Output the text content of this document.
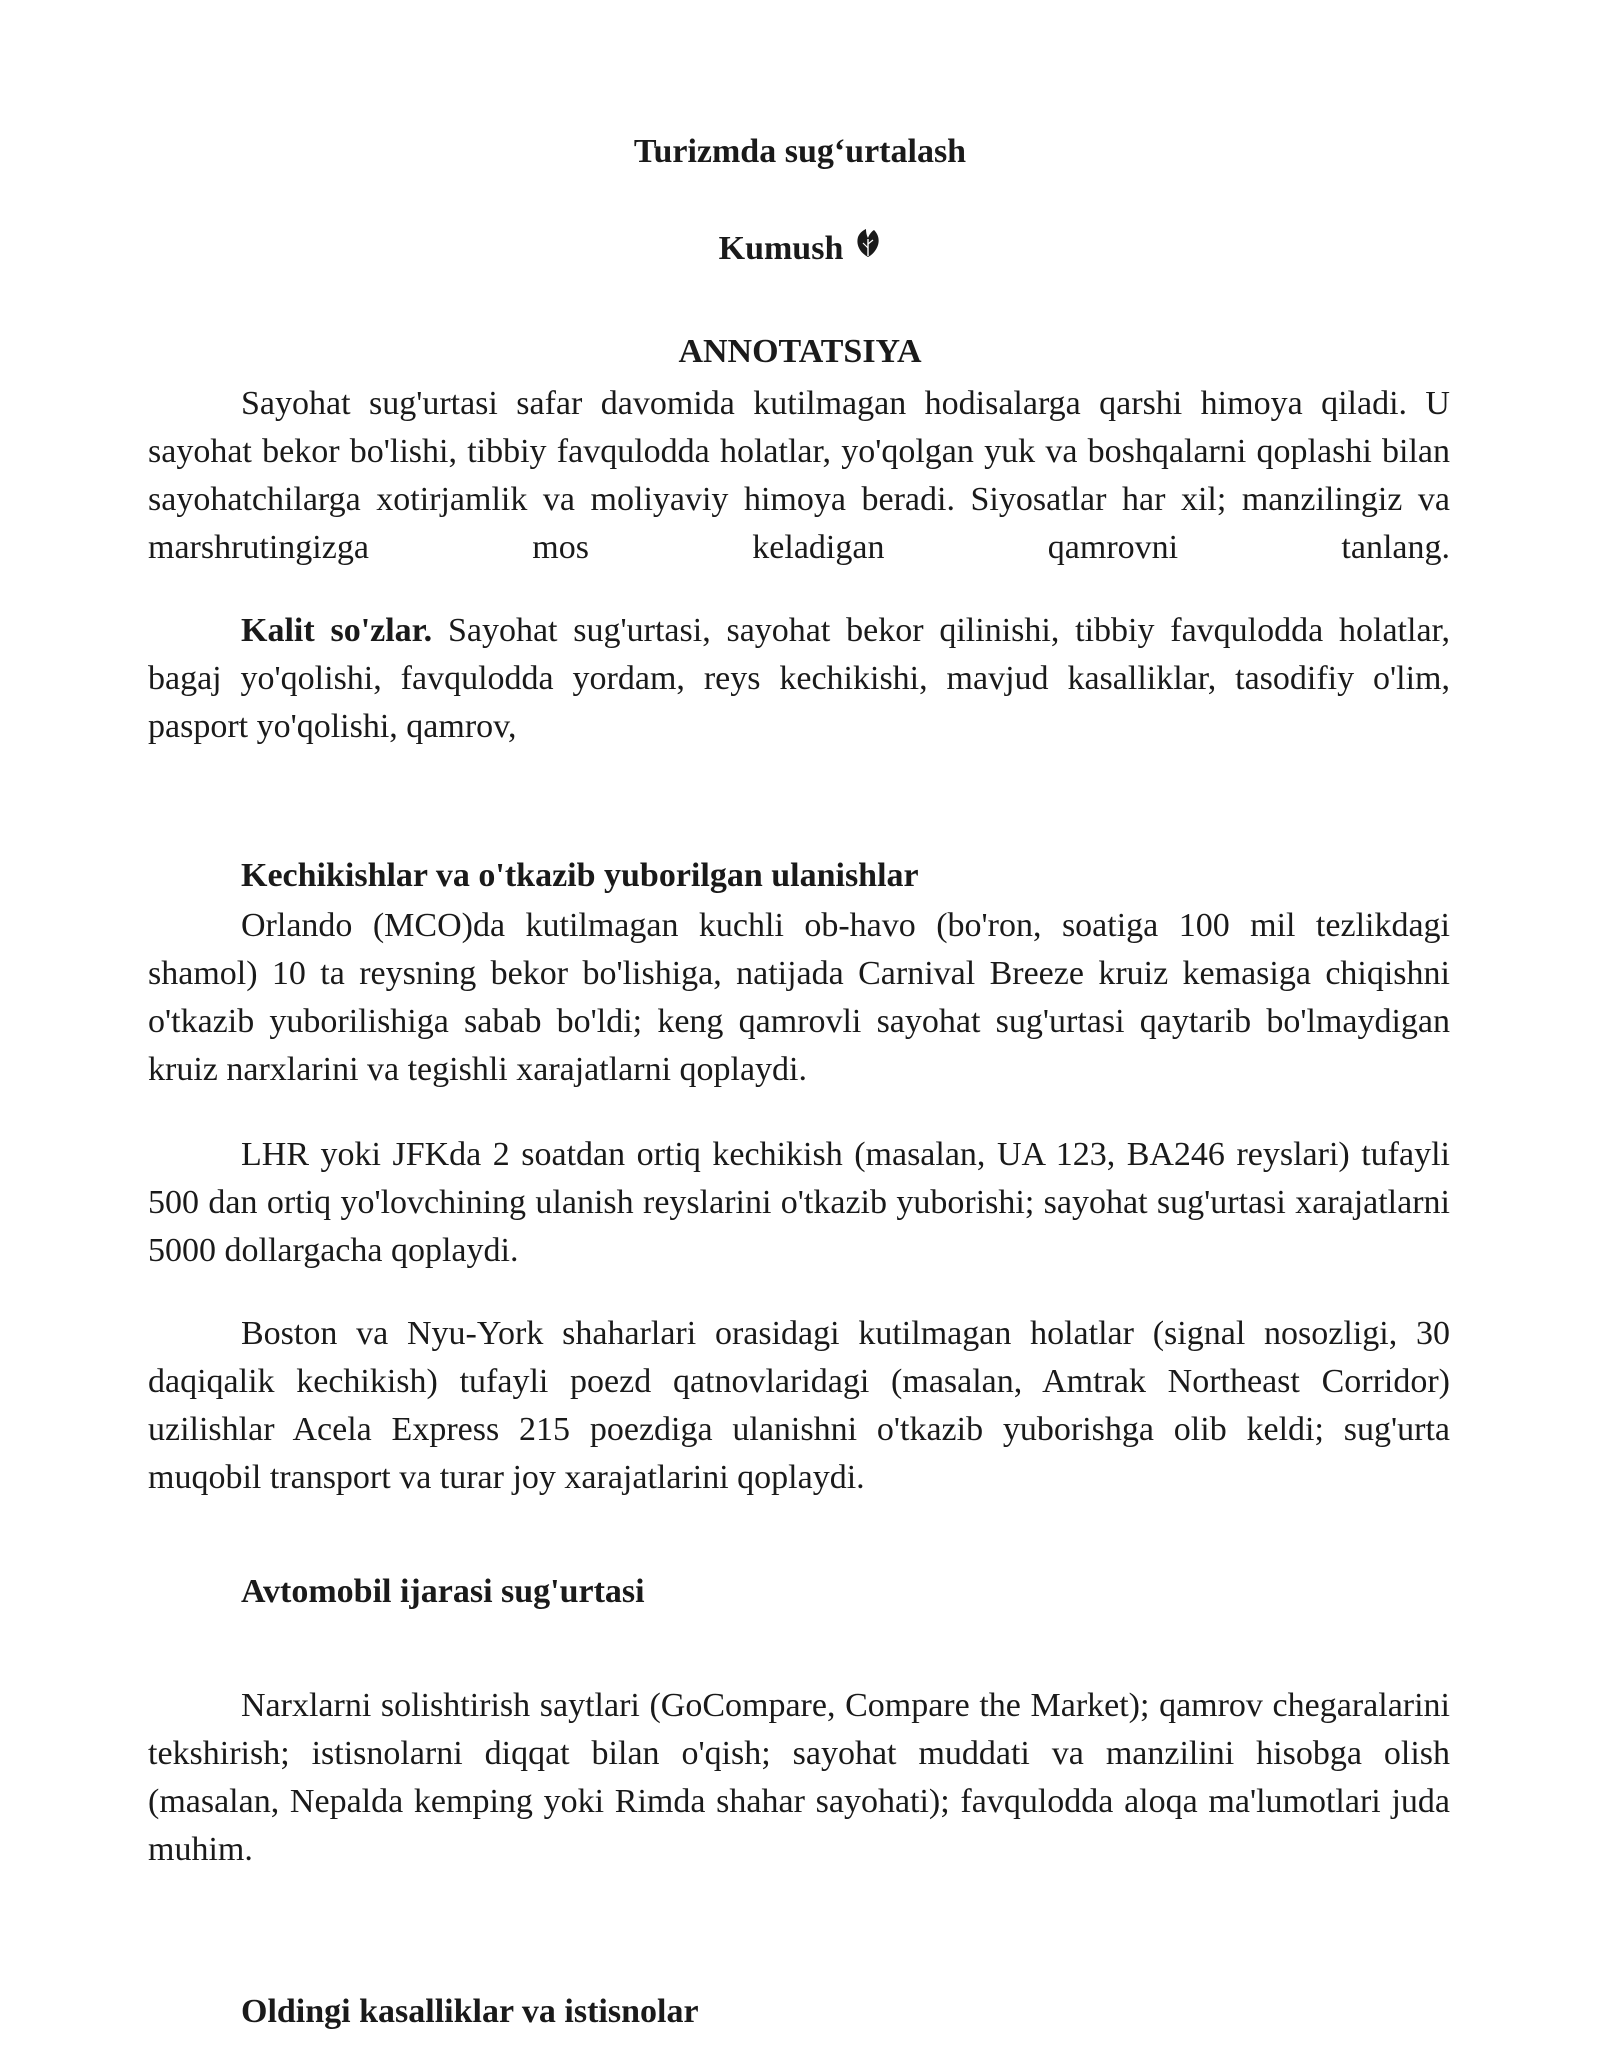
Turizmda sug‘urtalash
Kumush
ANNOTATSIYA

Sayohat sug'urtasi safar davomida kutilmagan hodisalarga qarshi himoya qiladi. U sayohat bekor bo'lishi, tibbiy favqulodda holatlar, yo'qolgan yuk va boshqalarni qoplashi bilan sayohatchilarga xotirjamlik va moliyaviy himoya beradi. Siyosatlar har xil; manzilingiz va marshrutingizga mos keladigan qamrovni tanlang.

Kalit so'zlar. Sayohat sug'urtasi, sayohat bekor qilinishi, tibbiy favqulodda holatlar, bagaj yo'qolishi, favqulodda yordam, reys kechikishi, mavjud kasalliklar, tasodifiy o'lim, pasport yo'qolishi, qamrov,

Kechikishlar va o'tkazib yuborilgan ulanishlar

Orlando (MCO)da kutilmagan kuchli ob-havo (bo'ron, soatiga 100 mil tezlikdagi shamol) 10 ta reysning bekor bo'lishiga, natijada Carnival Breeze kruiz kemasiga chiqishni o'tkazib yuborilishiga sabab bo'ldi; keng qamrovli sayohat sug'urtasi qaytarib bo'lmaydigan kruiz narxlarini va tegishli xarajatlarni qoplaydi.

LHR yoki JFKda 2 soatdan ortiq kechikish (masalan, UA 123, BA246 reyslari) tufayli 500 dan ortiq yo'lovchining ulanish reyslarini o'tkazib yuborishi; sayohat sug'urtasi xarajatlarni 5000 dollargacha qoplaydi.

Boston va Nyu-York shaharlari orasidagi kutilmagan holatlar (signal nosozligi, 30 daqiqalik kechikish) tufayli poezd qatnovlaridagi (masalan, Amtrak Northeast Corridor) uzilishlar Acela Express 215 poezdiga ulanishni o'tkazib yuborishga olib keldi; sug'urta muqobil transport va turar joy xarajatlarini qoplaydi.

Avtomobil ijarasi sug'urtasi

Narxlarni solishtirish saytlari (GoCompare, Compare the Market); qamrov chegaralarini tekshirish; istisnolarni diqqat bilan o'qish; sayohat muddati va manzilini hisobga olish (masalan, Nepalda kemping yoki Rimda shahar sayohati); favqulodda aloqa ma'lumotlari juda muhim.

Oldingi kasalliklar va istisnolar
